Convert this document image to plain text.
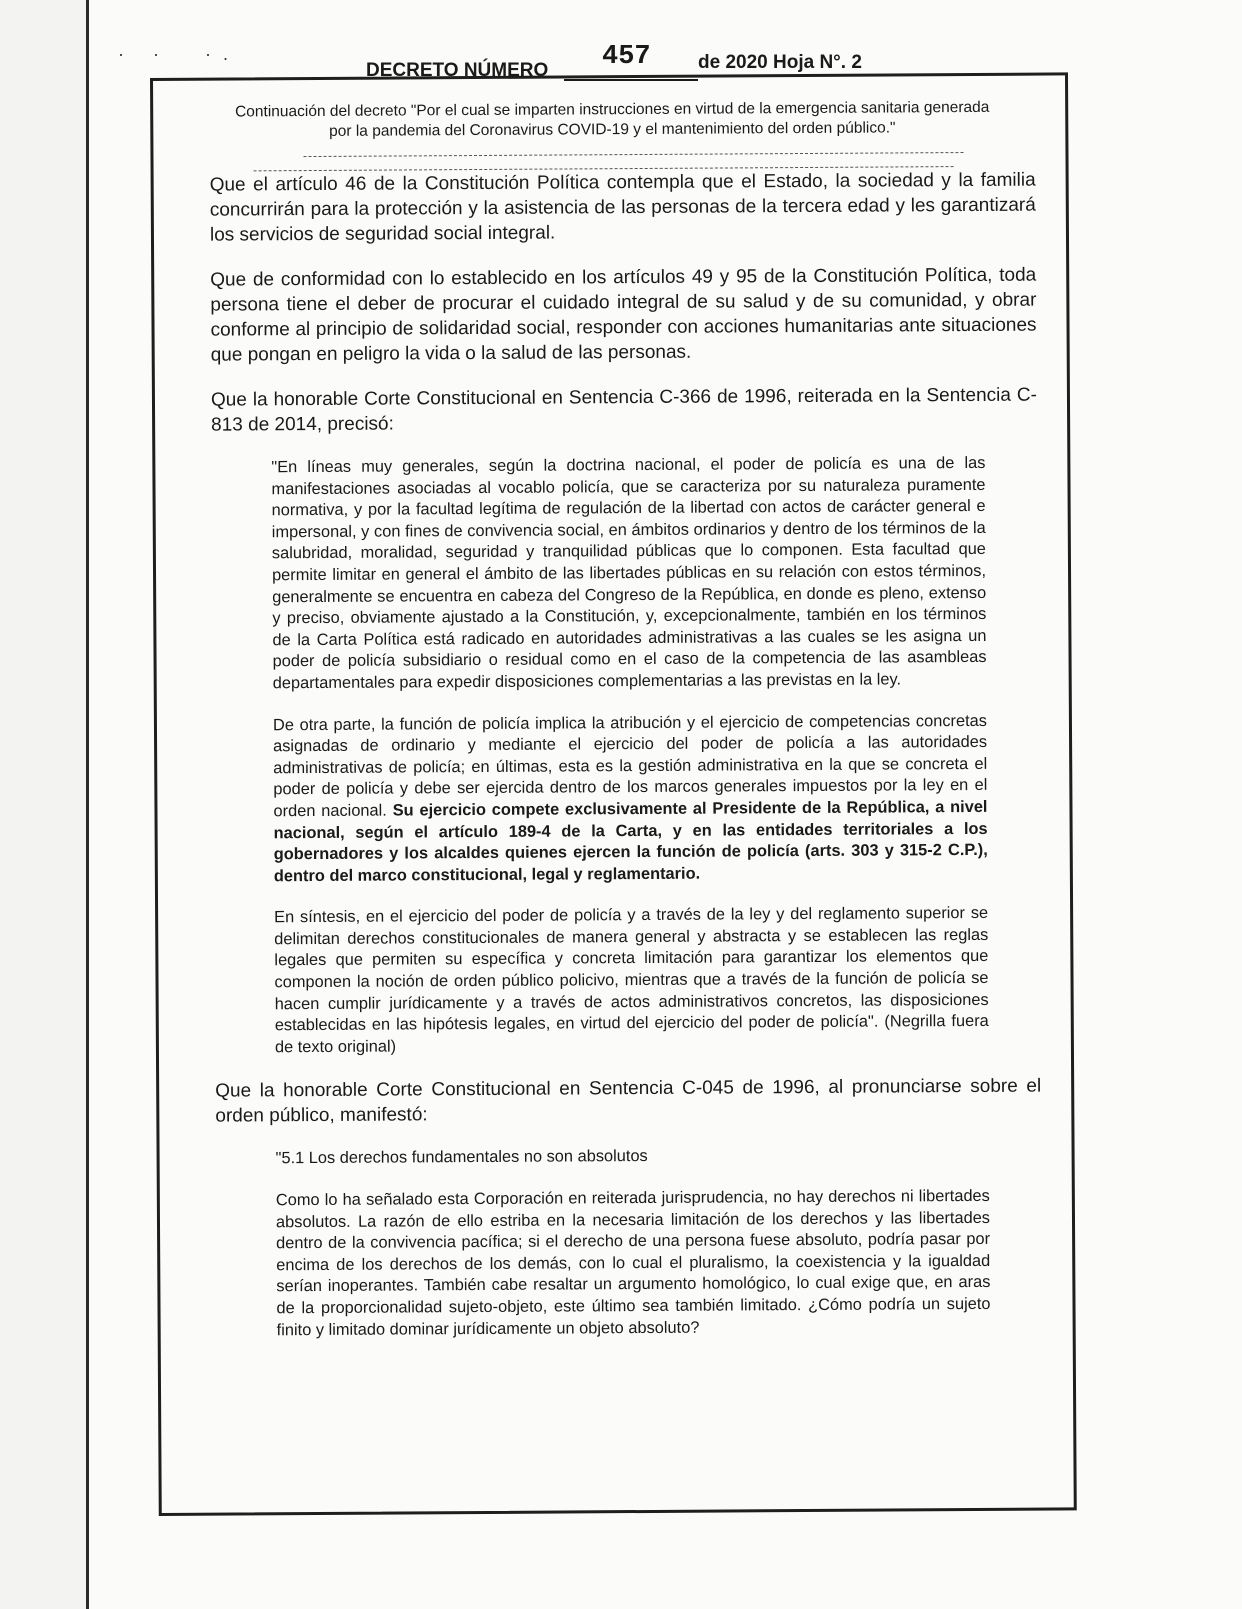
· ·  ·.
DECRETO NÚMERO 457 de 2020 Hoja N°. 2
Continuación del decreto "Por el cual se imparten instrucciones en virtud de la emergencia sanitaria generada
por la pandemia del Coronavirus COVID-19 y el mantenimiento del orden público."

Que el artículo 46 de la Constitución Política contempla que el Estado, la sociedad y la familia concurrirán para la protección y la asistencia de las personas de la tercera edad y les garantizará los servicios de seguridad social integral.

Que de conformidad con lo establecido en los artículos 49 y 95 de la Constitución Política, toda persona tiene el deber de procurar el cuidado integral de su salud y de su comunidad, y obrar conforme al principio de solidaridad social, responder con acciones humanitarias ante situaciones que pongan en peligro la vida o la salud de las personas.

Que la honorable Corte Constitucional en Sentencia C-366 de 1996, reiterada en la Sentencia C-813 de 2014, precisó:

"En líneas muy generales, según la doctrina nacional, el poder de policía es una de las manifestaciones asociadas al vocablo policía, que se caracteriza por su naturaleza puramente normativa, y por la facultad legítima de regulación de la libertad con actos de carácter general e impersonal, y con fines de convivencia social, en ámbitos ordinarios y dentro de los términos de la salubridad, moralidad, seguridad y tranquilidad públicas que lo componen. Esta facultad que permite limitar en general el ámbito de las libertades públicas en su relación con estos términos, generalmente se encuentra en cabeza del Congreso de la República, en donde es pleno, extenso y preciso, obviamente ajustado a la Constitución, y, excepcionalmente, también en los términos de la Carta Política está radicado en autoridades administrativas a las cuales se les asigna un poder de policía subsidiario o residual como en el caso de la competencia de las asambleas departamentales para expedir disposiciones complementarias a las previstas en la ley.

De otra parte, la función de policía implica la atribución y el ejercicio de competencias concretas asignadas de ordinario y mediante el ejercicio del poder de policía a las autoridades administrativas de policía; en últimas, esta es la gestión administrativa en la que se concreta el poder de policía y debe ser ejercida dentro de los marcos generales impuestos por la ley en el orden nacional. Su ejercicio compete exclusivamente al Presidente de la República, a nivel nacional, según el artículo 189-4 de la Carta, y en las entidades territoriales a los gobernadores y los alcaldes quienes ejercen la función de policía (arts. 303 y 315-2 C.P.), dentro del marco constitucional, legal y reglamentario.

En síntesis, en el ejercicio del poder de policía y a través de la ley y del reglamento superior se delimitan derechos constitucionales de manera general y abstracta y se establecen las reglas legales que permiten su específica y concreta limitación para garantizar los elementos que componen la noción de orden público policivo, mientras que a través de la función de policía se hacen cumplir jurídicamente y a través de actos administrativos concretos, las disposiciones establecidas en las hipótesis legales, en virtud del ejercicio del poder de policía". (Negrilla fuera de texto original)

Que la honorable Corte Constitucional en Sentencia C-045 de 1996, al pronunciarse sobre el orden público, manifestó:

"5.1 Los derechos fundamentales no son absolutos

Como lo ha señalado esta Corporación en reiterada jurisprudencia, no hay derechos ni libertades absolutos. La razón de ello estriba en la necesaria limitación de los derechos y las libertades dentro de la convivencia pacífica; si el derecho de una persona fuese absoluto, podría pasar por encima de los derechos de los demás, con lo cual el pluralismo, la coexistencia y la igualdad serían inoperantes. También cabe resaltar un argumento homológico, lo cual exige que, en aras de la proporcionalidad sujeto-objeto, este último sea también limitado. ¿Cómo podría un sujeto finito y limitado dominar jurídicamente un objeto absoluto?
